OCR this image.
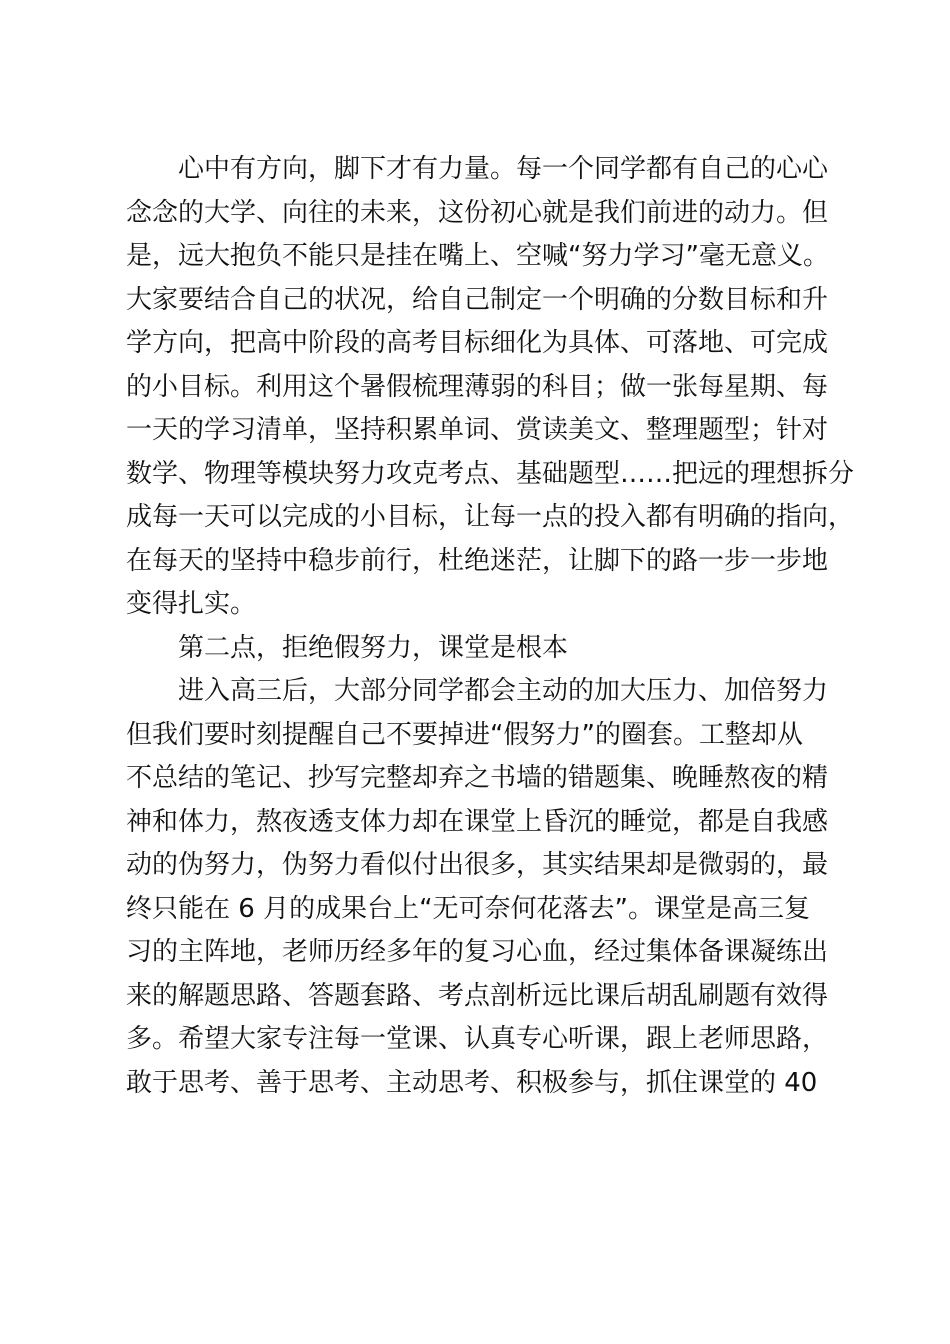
心中有方向，脚下才有力量。每一个同学都有自己的心心
念念的大学、向往的未来，这份初心就是我们前进的动力。但
是，远大抱负不能只是挂在嘴上、空喊“努力学习”毫无意义。
大家要结合自己的状况，给自己制定一个明确的分数目标和升
学方向，把高中阶段的高考目标细化为具体、可落地、可完成
的小目标。利用这个暑假梳理薄弱的科目；做一张每星期、每
一天的学习清单，坚持积累单词、赏读美文、整理题型；针对
数学、物理等模块努力攻克考点、基础题型……把远的理想拆分
成每一天可以完成的小目标，让每一点的投入都有明确的指向，
在每天的坚持中稳步前行，杜绝迷茫，让脚下的路一步一步地
变得扎实。
第二点，拒绝假努力，课堂是根本
进入高三后，大部分同学都会主动的加大压力、加倍努力
但我们要时刻提醒自己不要掉进“假努力”的圈套。工整却从
不总结的笔记、抄写完整却弃之书墙的错题集、晚睡熬夜的精
神和体力，熬夜透支体力却在课堂上昏沉的睡觉，都是自我感
动的伪努力，伪努力看似付出很多，其实结果却是微弱的，最
终只能在 6 月的成果台上“无可奈何花落去”。课堂是高三复
习的主阵地，老师历经多年的复习心血，经过集体备课凝练出
来的解题思路、答题套路、考点剖析远比课后胡乱刷题有效得
多。希望大家专注每一堂课、认真专心听课，跟上老师思路，
敢于思考、善于思考、主动思考、积极参与，抓住课堂的 40
